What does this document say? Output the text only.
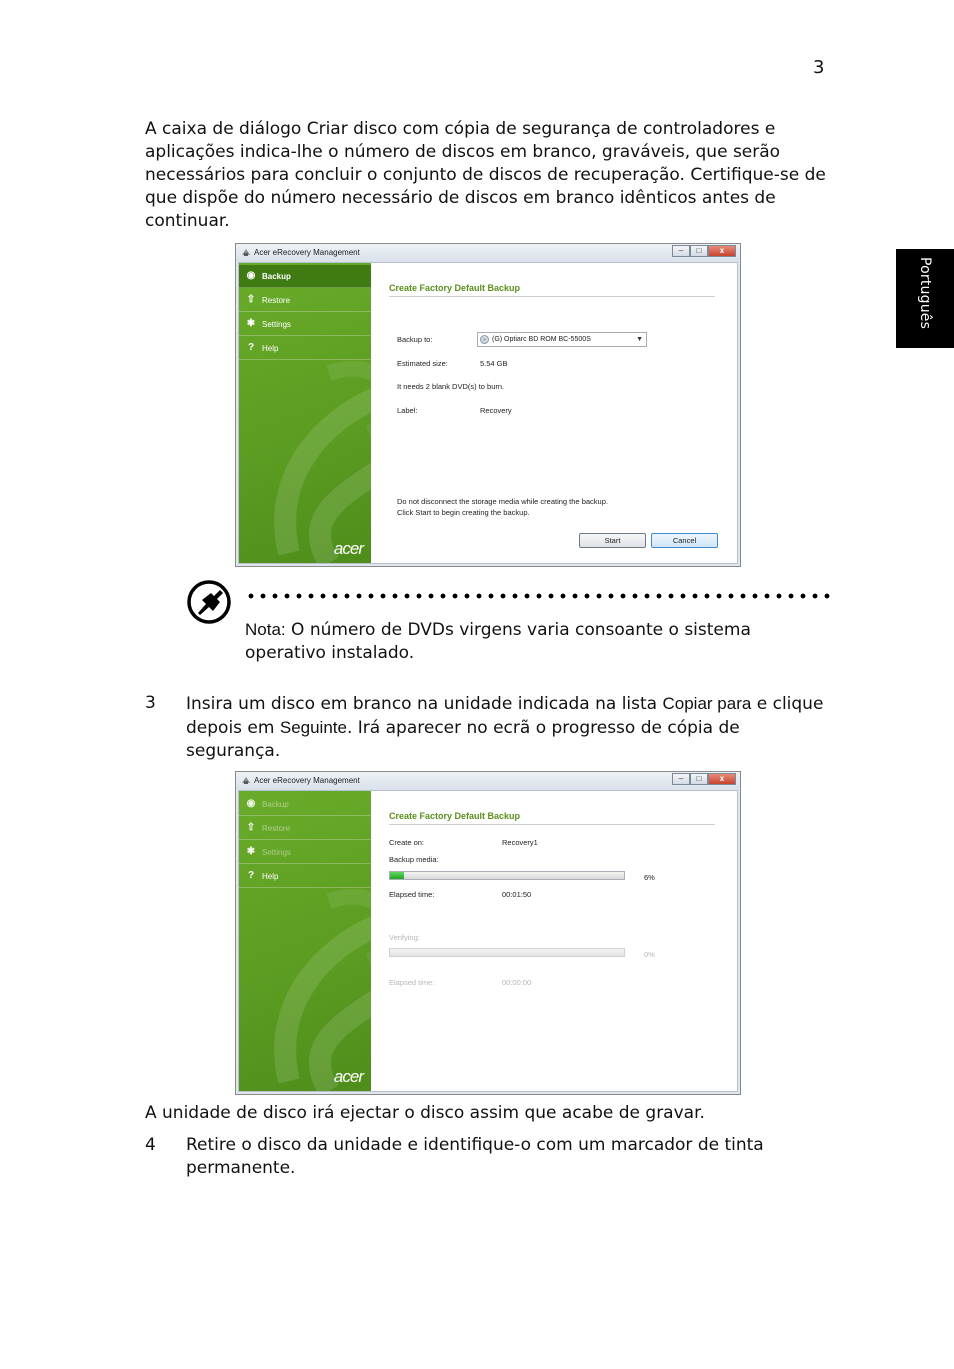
3
Português

A caixa de diálogo Criar disco com cópia de segurança de controladores e aplicações indica-lhe o número de discos em branco, graváveis, que serão necessários para concluir o conjunto de discos de recuperação. Certifique-se de que dispõe do número necessário de discos em branco idênticos antes de continuar.

Acer eRecovery Management	–	□	x
◉ Backup
⇧ Restore
✱ Settings
? Help
acer
Create Factory Default Backup
Backup to:	(G) Optiarc BD ROM BC-5500S	▼
Estimated size:	5.54 GB
It needs 2 blank DVD(s) to burn.
Label:	Recovery
Do not disconnect the storage media while creating the backup.
Click Start to begin creating the backup.
Start	Cancel

Nota: O número de DVDs virgens varia consoante o sistema operativo instalado.

3 Insira um disco em branco na unidade indicada na lista Copiar para e clique depois em Seguinte. Irá aparecer no ecrã o progresso de cópia de segurança.

Acer eRecovery Management	–	□	x
◉ Backup
⇧ Restore
✱ Settings
? Help
acer
Create Factory Default Backup
Create on:	Recovery1
Backup media:
6%
Elapsed time:	00:01:50
Verifying:
0%
Elapsed time:	00:00:00

A unidade de disco irá ejectar o disco assim que acabe de gravar.

4 Retire o disco da unidade e identifique-o com um marcador de tinta permanente.
